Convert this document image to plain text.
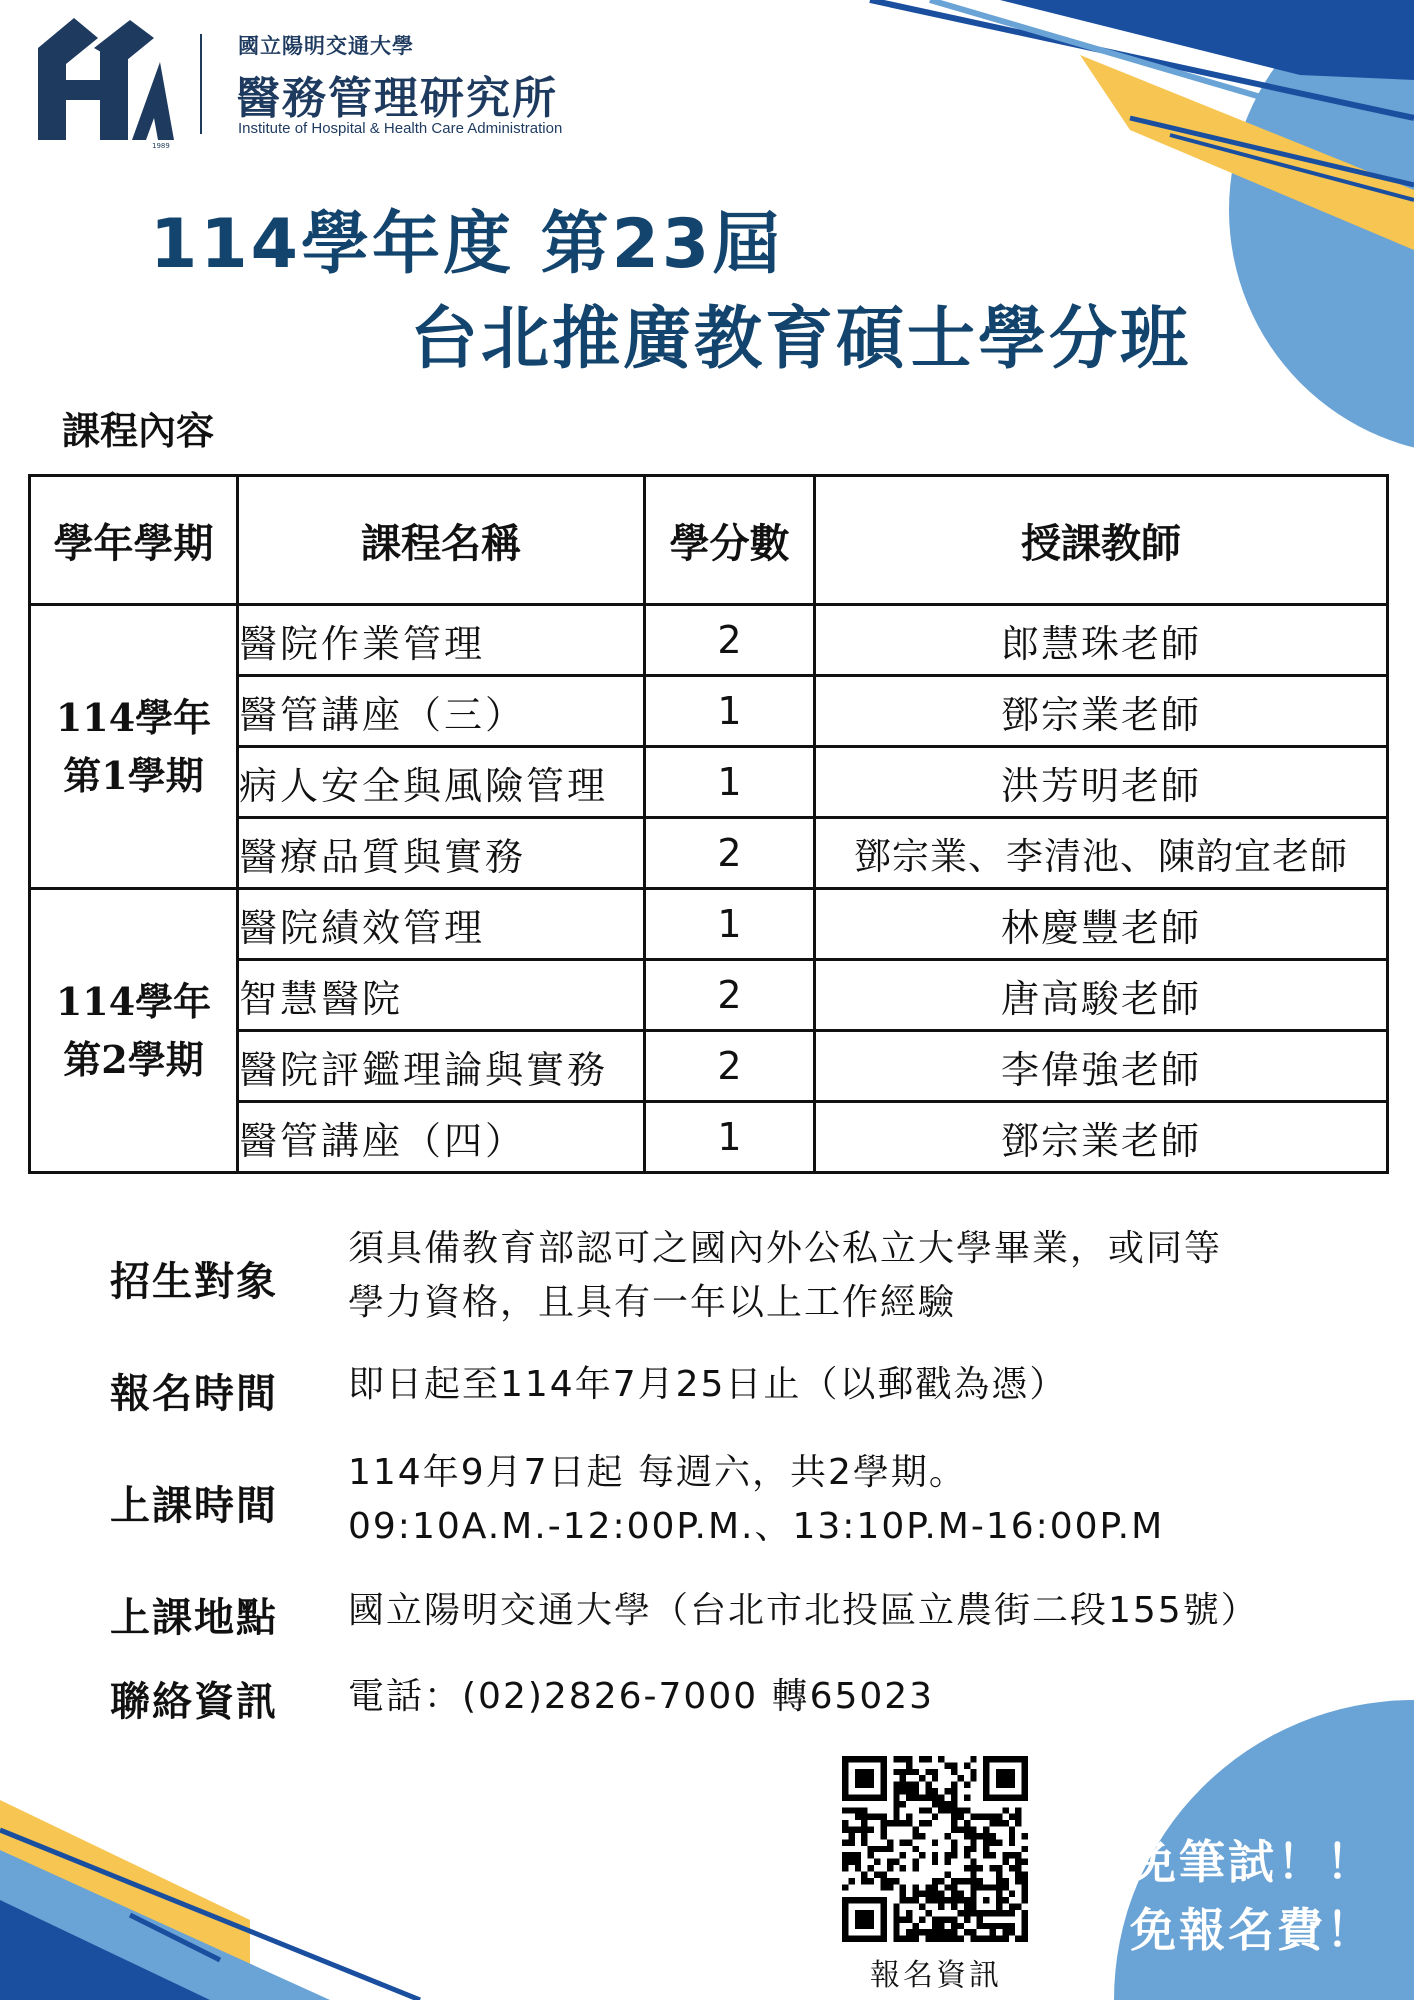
1989
國立陽明交通大學
醫務管理研究所
Institute of Hospital & Health Care Administration
114學年度 第23屆
台北推廣教育碩士學分班
課程內容
學年學期	課程名稱	學分數	授課教師

114學年
第1學期	醫院作業管理	2	郎慧珠老師
	醫管講座（三）	1	鄧宗業老師
	病人安全與風險管理	1	洪芳明老師
	醫療品質與實務	2	鄧宗業、李清池、陳韵宜老師

114學年
第2學期	醫院績效管理	1	林慶豐老師
	智慧醫院	2	唐高駿老師
	醫院評鑑理論與實務	2	李偉強老師
	醫管講座（四）	1	鄧宗業老師
招生對象
須具備教育部認可之國內外公私立大學畢業，或同等
學力資格，且具有一年以上工作經驗
報名時間 即日起至114年7月25日止（以郵戳為憑）
上課時間
114年9月7日起 每週六，共2學期。
09:10A.M.-12:00P.M.、13:10P.M-16:00P.M
上課地點 國立陽明交通大學（台北市北投區立農街二段155號）
聯絡資訊 電話：(02)2826-7000 轉65023
報名資訊
免筆試！！
免報名費！
